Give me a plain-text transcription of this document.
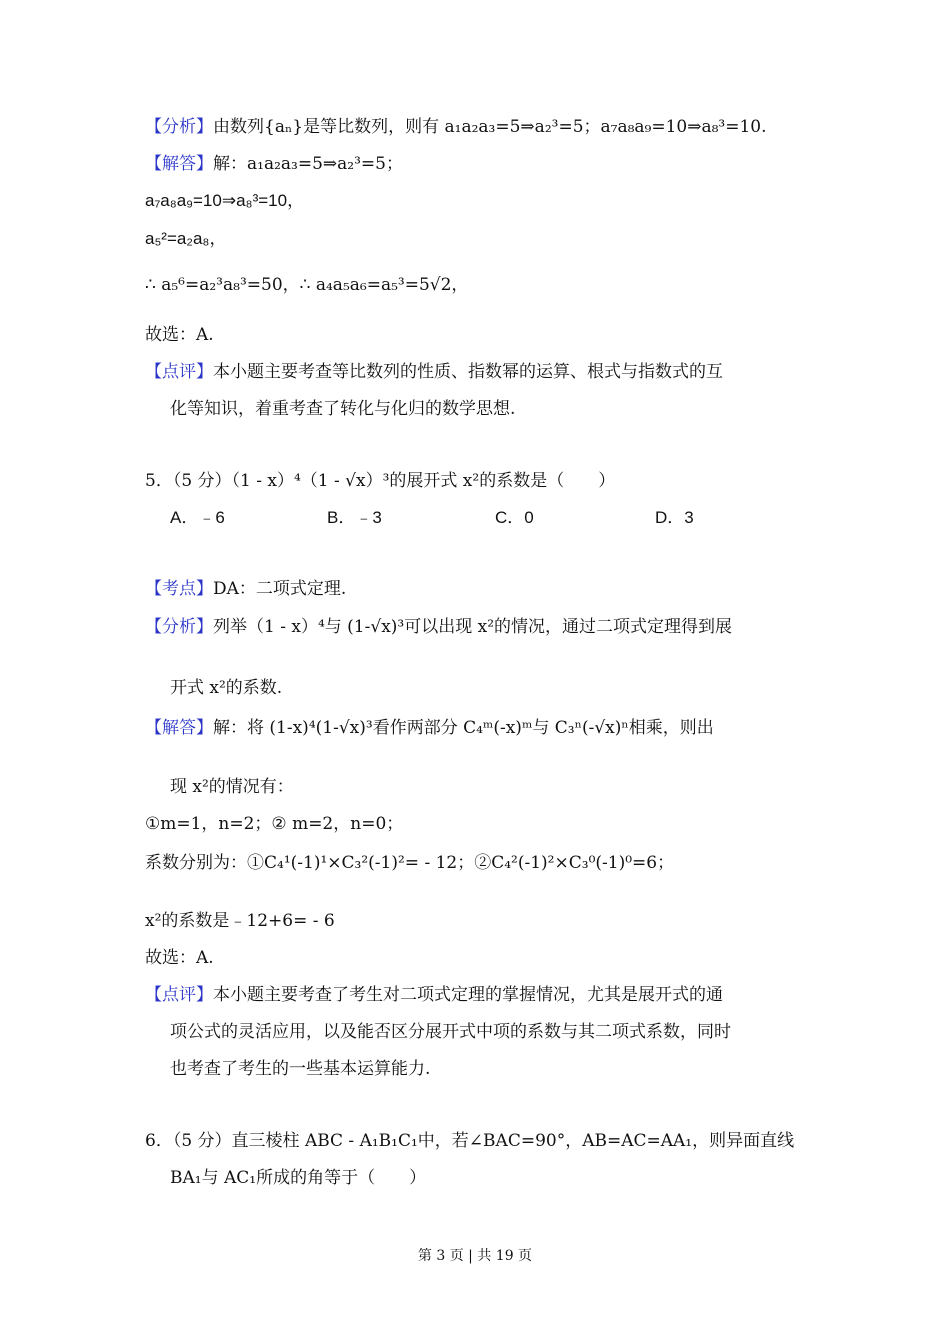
【分析】由数列{aₙ}是等比数列，则有 a₁a₂a₃=5⇒a₂³=5；a₇a₈a₉=10⇒a₈³=10.
【解答】解：a₁a₂a₃=5⇒a₂³=5；
a₇a₈a₉=10⇒a₈³=10，
a₅²=a₂a₈，
∴ a₅⁶=a₂³a₈³=50，∴ a₄a₅a₆=a₅³=5√2，
故选：A.
【点评】本小题主要考查等比数列的性质、指数幂的运算、根式与指数式的互
化等知识，着重考查了转化与化归的数学思想.
5．（5 分）（1 - x）⁴（1 - √x）³的展开式 x²的系数是（　　）
A．﹣6	B．﹣3	C．0	D．3
【考点】DA：二项式定理.
【分析】列举（1 - x）⁴与 (1-√x)³可以出现 x²的情况，通过二项式定理得到展
开式 x²的系数.
【解答】解：将 (1-x)⁴(1-√x)³看作两部分 C₄ᵐ(-x)ᵐ与 C₃ⁿ(-√x)ⁿ相乘，则出
现 x²的情况有：
①m=1，n=2；② m=2，n=0；
系数分别为：①C₄¹(-1)¹×C₃²(-1)²= - 12；②C₄²(-1)²×C₃⁰(-1)⁰=6；
x²的系数是﹣12+6= - 6
故选：A.
【点评】本小题主要考查了考生对二项式定理的掌握情况，尤其是展开式的通
项公式的灵活应用，以及能否区分展开式中项的系数与其二项式系数，同时
也考查了考生的一些基本运算能力.
6．（5 分）直三棱柱 ABC - A₁B₁C₁中，若∠BAC=90°，AB=AC=AA₁，则异面直线
BA₁与 AC₁所成的角等于（　　）
第 3 页 | 共 19 页
